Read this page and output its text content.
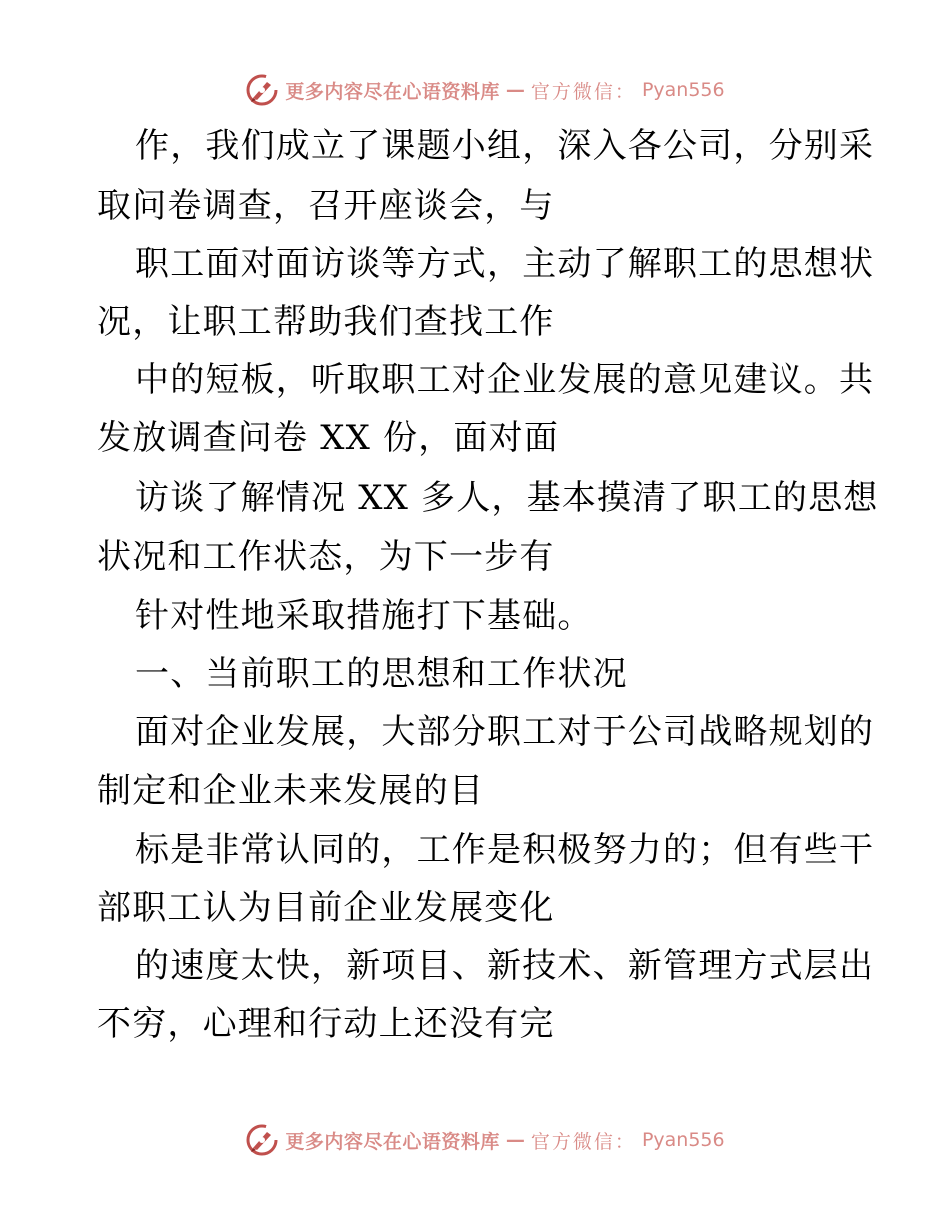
更多内容尽在心语资料库 — 官方微信： Pyan556
作，我们成立了课题小组，深入各公司，分别采
取问卷调查，召开座谈会，与
职工面对面访谈等方式，主动了解职工的思想状
况，让职工帮助我们查找工作
中的短板，听取职工对企业发展的意见建议。共
发放调查问卷 XX 份，面对面
访谈了解情况 XX 多人，基本摸清了职工的思想
状况和工作状态，为下一步有
针对性地采取措施打下基础。
一、当前职工的思想和工作状况
面对企业发展，大部分职工对于公司战略规划的
制定和企业未来发展的目
标是非常认同的，工作是积极努力的；但有些干
部职工认为目前企业发展变化
的速度太快，新项目、新技术、新管理方式层出
不穷，心理和行动上还没有完
更多内容尽在心语资料库 — 官方微信： Pyan556
